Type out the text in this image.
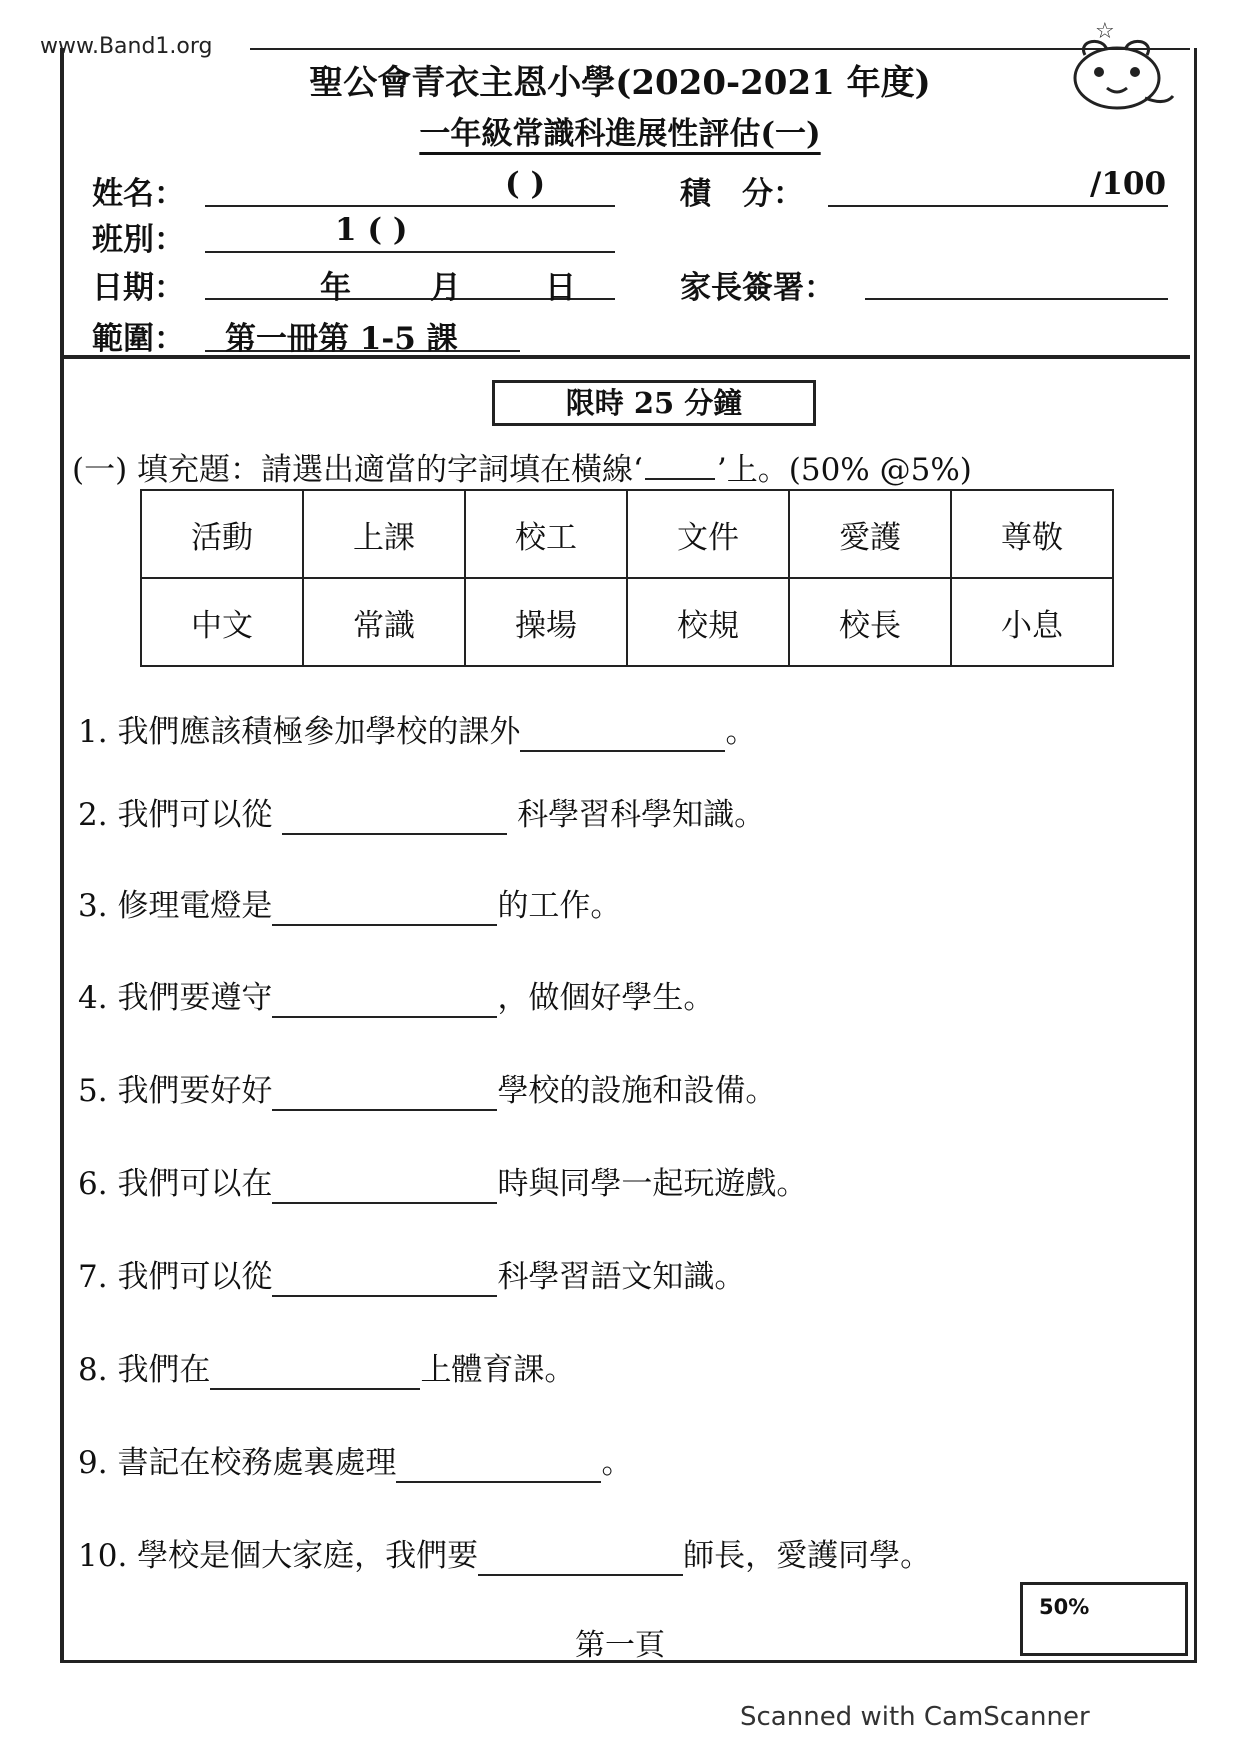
www.Band1.org
☆
聖公會青衣主恩小學(2020-2021 年度)
一年級常識科進展性評估(一)
姓名：	( )	積　分：	/100
班別：	1 ( )
日期：	年	月	日	家長簽署：
範圍： 第一冊第 1-5 課
限時 25 分鐘
(一) 填充題：請選出適當的字詞填在橫線‘ ’上。(50% @5%)
活動	上課	校工	文件	愛護	尊敬
中文	常識	操場	校規	校長	小息
1. 我們應該積極參加學校的課外	。
2. 我們可以從	科學習科學知識。
3. 修理電燈是	的工作。
4. 我們要遵守	，做個好學生。
5. 我們要好好	學校的設施和設備。
6. 我們可以在	時與同學一起玩遊戲。
7. 我們可以從	科學習語文知識。
8. 我們在	上體育課。
9. 書記在校務處裏處理	。
10. 學校是個大家庭，我們要	師長，愛護同學。
50%
第一頁
Scanned with CamScanner
